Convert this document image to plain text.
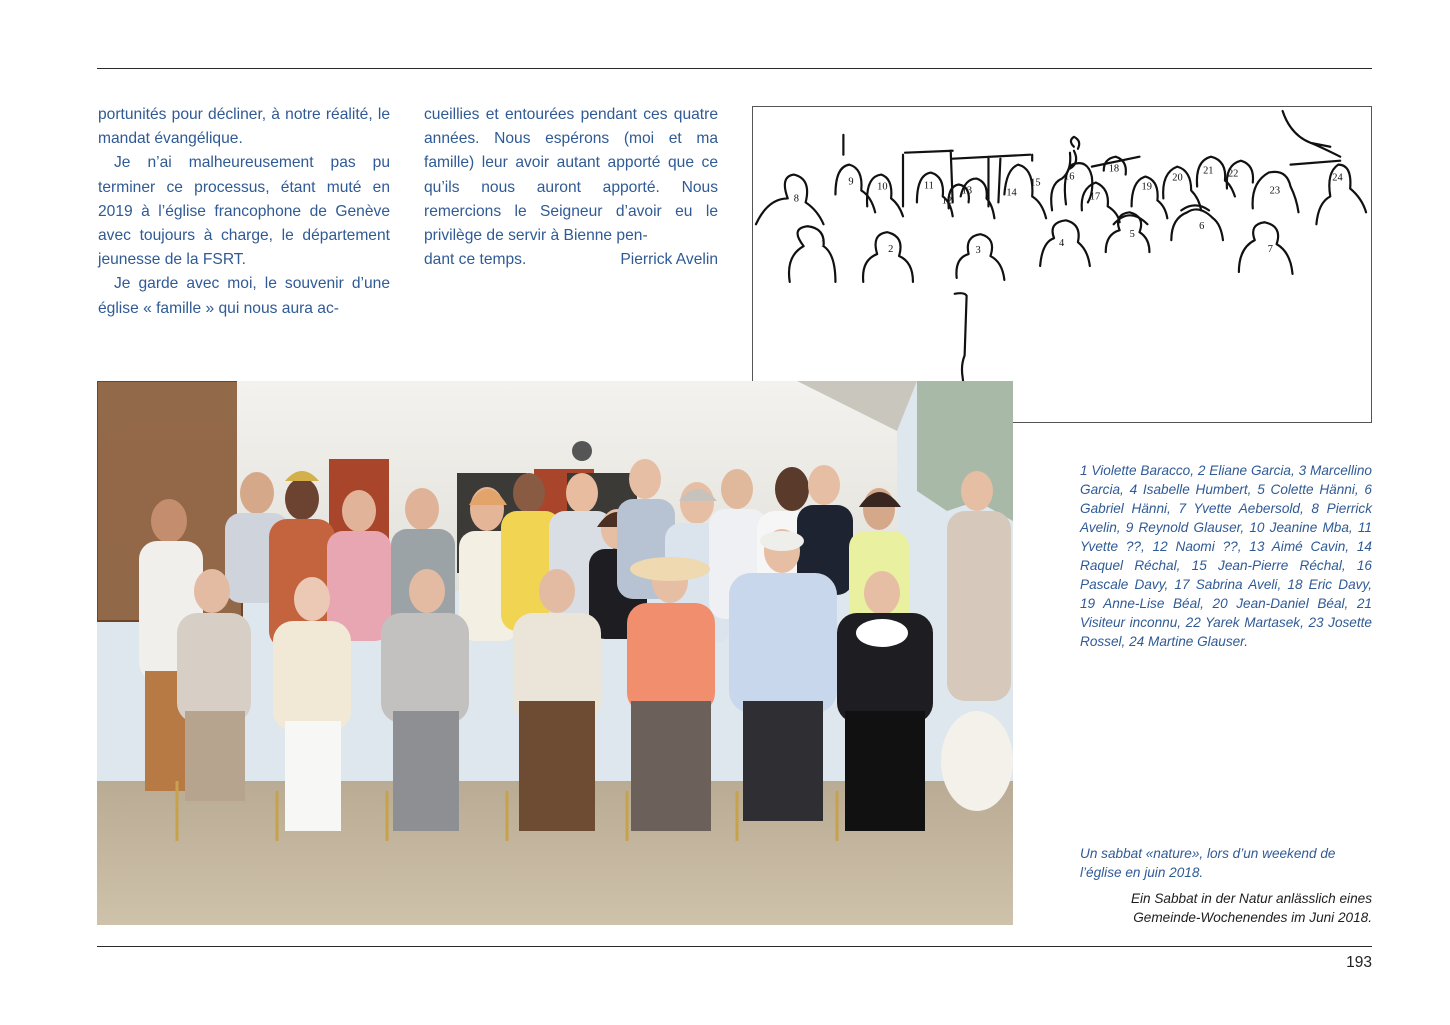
portunités pour décliner, à notre réalité, le mandat évangélique.

Je n’ai malheureusement pas pu terminer ce processus, étant muté en 2019 à l’église francophone de Genève avec toujours à charge, le département jeunesse de la FSRT.

Je garde avec moi, le souvenir d’une église « famille » qui nous aura ac-

cueillies et entourées pendant ces quatre années. Nous espérons (moi et ma famille) leur avoir autant apporté que ce qu’ils nous auront apporté. Nous remercions le Seigneur d’avoir eu le privilège de servir à Bienne pen-

dant ce temps.	Pierrick Avelin
8
1	2	3
4
5
6
7
9 10	11
12
13	14
15
16
17
18
19
20
21 22
23
24

1 Violette Baracco, 2 Eliane Garcia, 3 Marcellino Garcia, 4 Isabelle Humbert, 5 Colette Hänni, 6 Gabriel Hänni, 7 Yvette Aebersold, 8 Pierrick Avelin, 9 Reynold Glauser, 10 Jeanine Mba, 11 Yvette ??, 12 Naomi ??, 13 Aimé Cavin, 14 Raquel Réchal, 15 Jean-Pierre Réchal, 16 Pascale Davy, 17 Sabrina Aveli, 18 Eric Davy, 19 Anne-Lise Béal, 20 Jean-Daniel Béal, 21 Visiteur inconnu, 22 Yarek Martasek, 23 Josette Rossel, 24 Martine Glauser.

Un sabbat «nature», lors d’un weekend de l’église en juin 2018.

Ein Sabbat in der Natur anlässlich eines Gemeinde-Wochenendes im Juni 2018.

193
